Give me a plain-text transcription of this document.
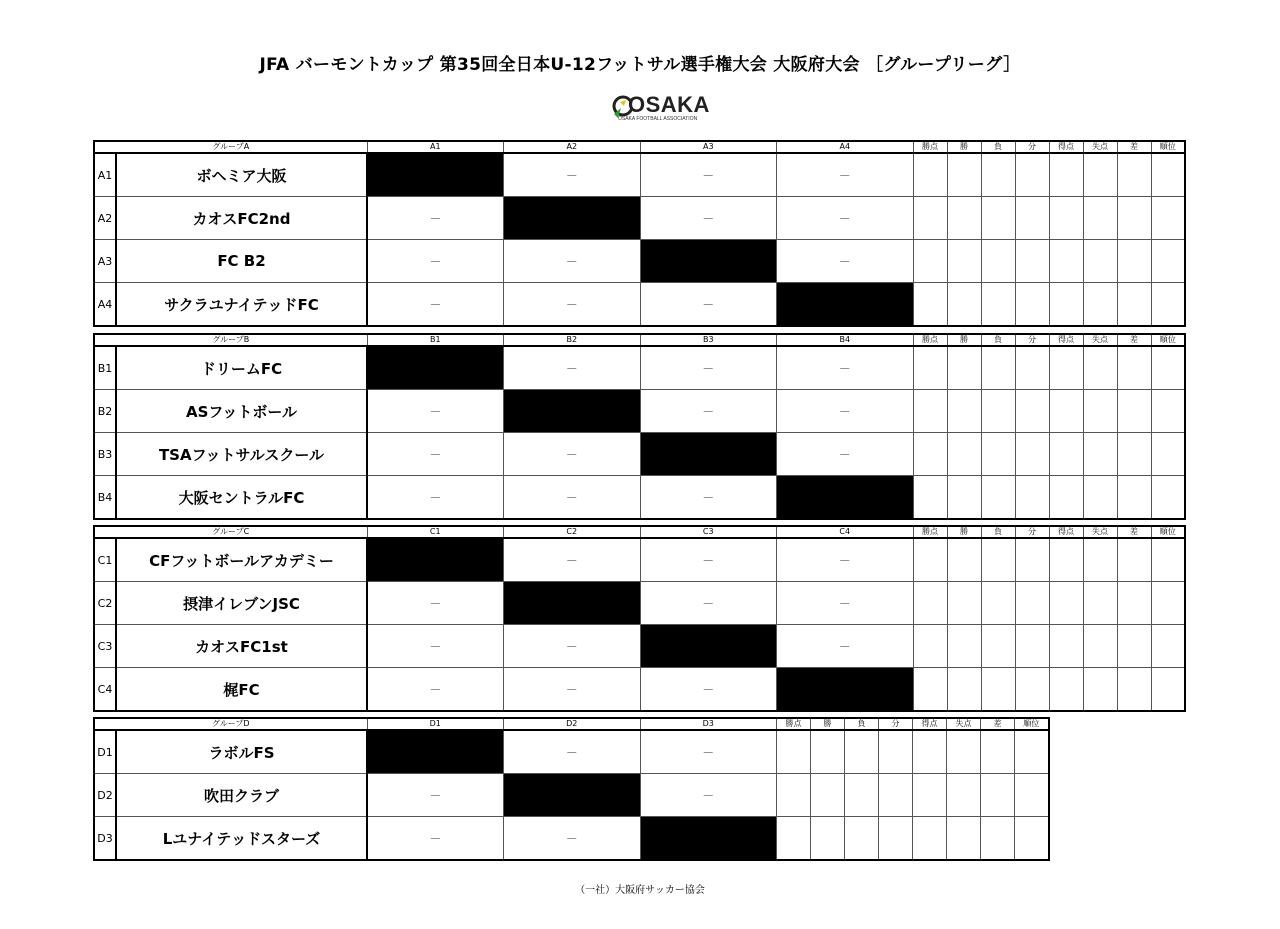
JFA バーモントカップ 第35回全日本U-12フットサル選手権大会 大阪府大会 ［グループリーグ］
OSAKA
OSAKA FOOTBALL ASSOCIATION
グループA		A1	A2	A3	A4	勝点	勝	負	分	得点	失点	差	順位
A1	ボヘミア大阪		－	－	－								
A2	カオスFC2nd	－		－	－								
A3	FC B2	－	－		－								
A4	サクラユナイテッドFC	－	－	－									
グループB		B1	B2	B3	B4	勝点	勝	負	分	得点	失点	差	順位
B1	ドリームFC		－	－	－								
B2	ASフットボール	－		－	－								
B3	TSAフットサルスクール	－	－		－								
B4	大阪セントラルFC	－	－	－									
グループC		C1	C2	C3	C4	勝点	勝	負	分	得点	失点	差	順位
C1	CFフットボールアカデミー		－	－	－								
C2	摂津イレブンJSC	－		－	－								
C3	カオスFC1st	－	－		－								
C4	梶FC	－	－	－									
グループD		D1	D2	D3	勝点	勝	負	分	得点	失点	差	順位
D1	ラボルFS		－	－								
D2	吹田クラブ	－		－								
D3	Lユナイテッドスターズ	－	－									
（一社）大阪府サッカー協会
